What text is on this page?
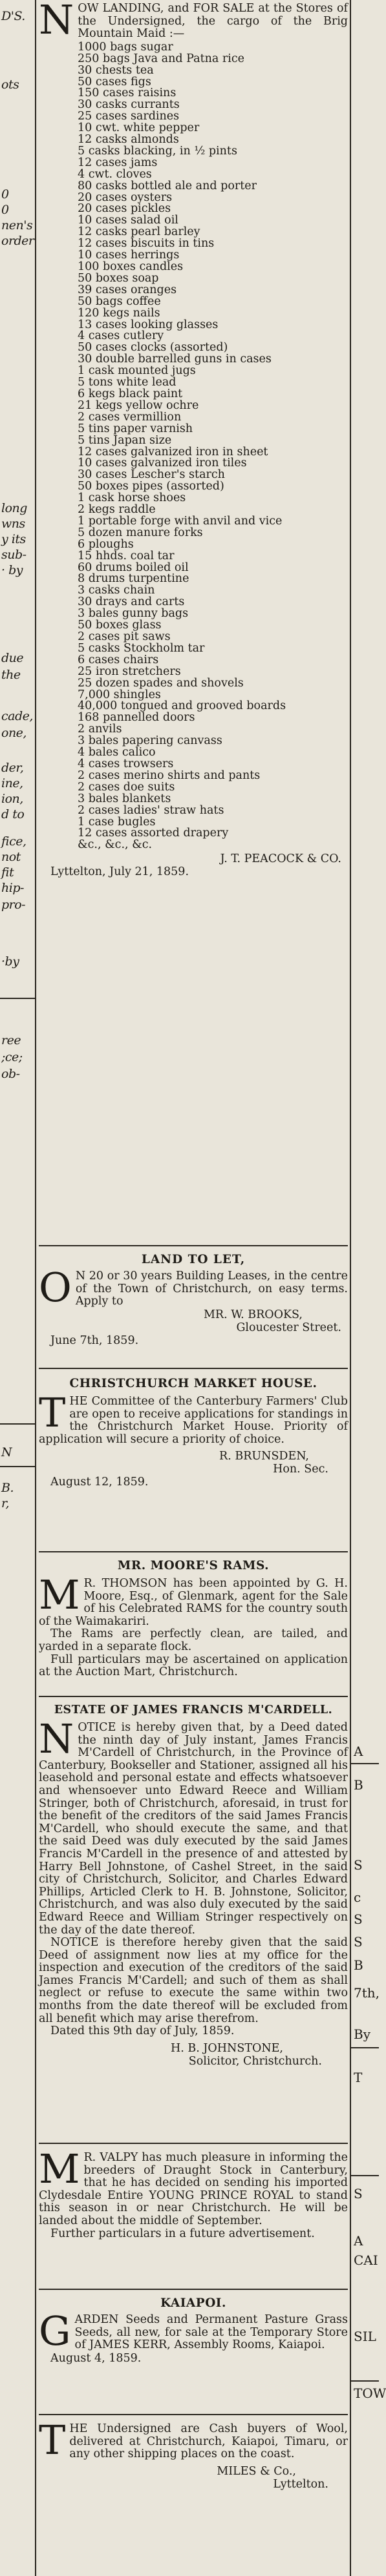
D'S.
ots
0
0
nen's
order
long
wns
y its
sub-
· by
due
the
cade,
one,
der,
ine,
ion,
d to
fice,
not
fit
hip-
pro-
·by
ree
;ce;
ob-
N
B.
r,
A
B
S
c
S
S
B
7th,
By
T
S
A
CAI
SIL
TOW

NOW LANDING, and FOR SALE at the Stores of the Undersigned, the cargo of the Brig Mountain Maid :—

1000 bags sugar
250 bags Java and Patna rice
30 chests tea
50 cases figs
150 cases raisins
30 casks currants
25 cases sardines
10 cwt. white pepper
12 casks almonds
5 casks blacking, in ½ pints
12 cases jams
4 cwt. cloves
80 casks bottled ale and porter
20 cases oysters
20 cases pickles
10 cases salad oil
12 casks pearl barley
12 cases biscuits in tins
10 cases herrings
100 boxes candles
50 boxes soap
39 cases oranges
50 bags coffee
120 kegs nails
13 cases looking glasses
4 cases cutlery
50 cases clocks (assorted)
30 double barrelled guns in cases
1 cask mounted jugs
5 tons white lead
6 kegs black paint
21 kegs yellow ochre
2 cases vermillion
5 tins paper varnish
5 tins Japan size
12 cases galvanized iron in sheet
10 cases galvanized iron tiles
30 cases Lescher's starch
50 boxes pipes (assorted)
1 cask horse shoes
2 kegs raddle
1 portable forge with anvil and vice
5 dozen manure forks
6 ploughs
15 hhds. coal tar
60 drums boiled oil
8 drums turpentine
3 casks chain
30 drays and carts
3 bales gunny bags
50 boxes glass
2 cases pit saws
5 casks Stockholm tar
6 cases chairs
25 iron stretchers
25 dozen spades and shovels
7,000 shingles
40,000 tongued and grooved boards
168 pannelled doors
2 anvils
3 bales papering canvass
4 bales calico
4 cases trowsers
2 cases merino shirts and pants
2 cases doe suits
3 bales blankets
2 cases ladies' straw hats
1 case bugles
12 cases assorted drapery
&c., &c., &c.
J. T. PEACOCK & CO.
Lyttelton, July 21, 1859.
LAND TO LET,

O N 20 or 30 years Building Leases, in the centre of the Town of Christchurch, on easy terms. Apply to

MR. W. BROOKS,
Gloucester Street.
June 7th, 1859.
CHRISTCHURCH MARKET HOUSE.

THE Committee of the Canterbury Farmers' Club are open to receive applications for standings in the Christchurch Market House. Priority of application will secure a priority of choice.

R. BRUNSDEN,
Hon. Sec.
August 12, 1859.
MR. MOORE'S RAMS.

M R. THOMSON has been appointed by G. H. Moore, Esq., of Glenmark, agent for the Sale of his Celebrated RAMS for the country south of the Waimakariri.

The Rams are perfectly clean, are tailed, and yarded in a separate flock.

Full particulars may be ascertained on application at the Auction Mart, Christchurch.

ESTATE OF JAMES FRANCIS M'CARDELL.

NOTICE is hereby given that, by a Deed dated the ninth day of July instant, James Francis M'Cardell of Christchurch, in the Province of Canterbury, Bookseller and Stationer, assigned all his leasehold and personal estate and effects whatsoever and whensoever unto Edward Reece and William Stringer, both of Christchurch, aforesaid, in trust for the benefit of the creditors of the said James Francis M'Cardell, who should execute the same, and that the said Deed was duly executed by the said James Francis M'Cardell in the presence of and attested by Harry Bell Johnstone, of Cashel Street, in the said city of Christchurch, Solicitor, and Charles Edward Phillips, Articled Clerk to H. B. Johnstone, Solicitor, Christchurch, and was also duly executed by the said Edward Reece and William Stringer respectively on the day of the date thereof.

NOTICE is therefore hereby given that the said Deed of assignment now lies at my office for the inspection and execution of the creditors of the said James Francis M'Cardell; and such of them as shall neglect or refuse to execute the same within two months from the date thereof will be excluded from all benefit which may arise therefrom.

Dated this 9th day of July, 1859.

H. B. JOHNSTONE,
Solicitor, Christchurch.

M R. VALPY has much pleasure in informing the breeders of Draught Stock in Canterbury, that he has decided on sending his imported Clydesdale Entire YOUNG PRINCE ROYAL to stand this season in or near Christchurch. He will be landed about the middle of September.

Further particulars in a future advertisement.

KAIAPOI.

GARDEN Seeds and Permanent Pasture Grass Seeds, all new, for sale at the Temporary Store of JAMES KERR, Assembly Rooms, Kaiapoi.

August 4, 1859.

THE Undersigned are Cash buyers of Wool, delivered at Christchurch, Kaiapoi, Timaru, or any other shipping places on the coast.

MILES & Co.,
Lyttelton.
